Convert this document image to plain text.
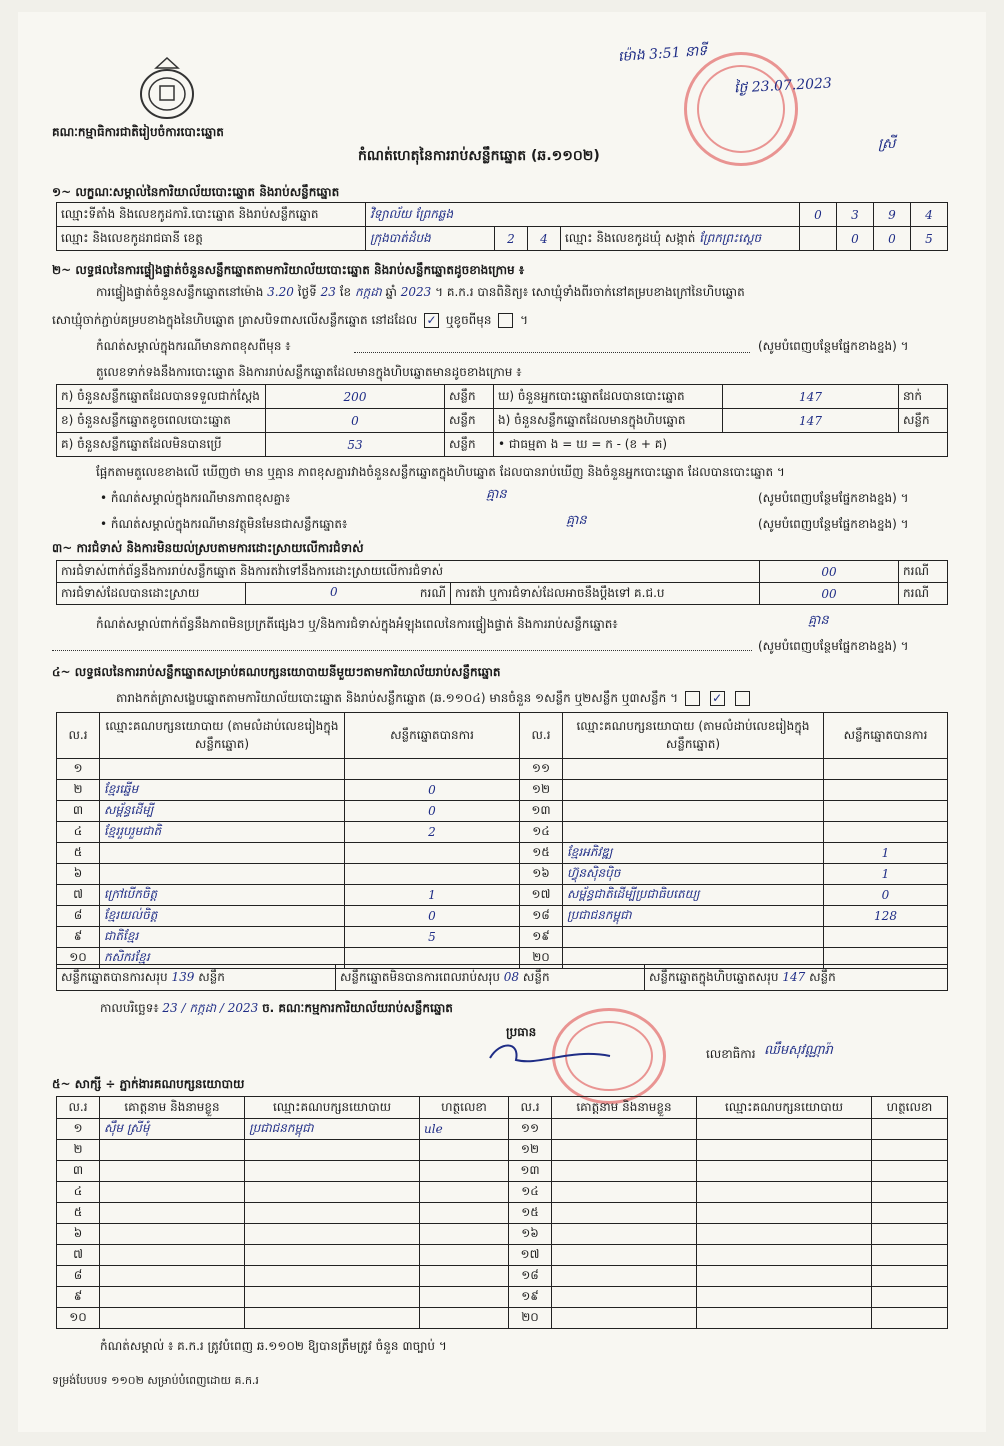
គណៈកម្មាធិការជាតិរៀបចំការបោះឆ្នោត
កំណត់ហេតុនៃការរាប់សន្លឹកឆ្នោត (ឆ.១១០២)
ម៉ោង 3:51 នាទី
ថ្ងៃ 23.07.2023
ស្រី
១~ លក្ខណៈសម្គាល់នៃការិយាល័យបោះឆ្នោត និងរាប់សន្លឹកឆ្នោត
ឈ្មោះទីតាំង និងលេខកូដការិ.បោះឆ្នោត និងរាប់សន្លឹកឆ្នោត	វិទ្យាល័យ ព្រែកឆ្លង				0	3	9	4
ឈ្មោះ និងលេខកូដរាជធានី ខេត្ត	ក្រុងបាត់ដំបង	2	4	ឈ្មោះ និងលេខកូដឃុំ សង្កាត់ ព្រែកព្រះស្ដេច		0	0	5
២~ លទ្ធផលនៃការផ្ទៀងផ្ទាត់ចំនួនសន្លឹកឆ្នោតតាមការិយាល័យបោះឆ្នោត និងរាប់សន្លឹកឆ្នោតដូចខាងក្រោម ៖
ការផ្ទៀងផ្ទាត់ចំនួនសន្លឹកឆ្នោតនៅម៉ោង 3.20 ថ្ងៃទី 23 ខែ កក្កដា ឆ្នាំ 2023 ។ គ.ក.រ បានពិនិត្យ៖ សោឃ្មុំទាំងពីរចាក់នៅគម្របខាងក្រៅនៃហិបឆ្នោត
សោឃ្មុំចាក់ភ្ជាប់គម្របខាងក្នុងនៃហិបឆ្នោត ត្រាសបិទពាសលើសន្លឹកឆ្នោត នៅដដែល ✓ ឬខូចពីមុន  ។
កំណត់សម្គាល់ក្នុងករណីមានភាពខុសពីមុន ៖	(សូមបំពេញបន្ថែមផ្នែកខាងខ្នង) ។
តួលេខទាក់ទងនឹងការបោះឆ្នោត និងការរាប់សន្លឹកឆ្នោតដែលមានក្នុងហិបឆ្នោតមានដូចខាងក្រោម ៖
ក) ចំនួនសន្លឹកឆ្នោតដែលបានទទួលជាក់ស្ដែង	200	សន្លឹក	ឃ) ចំនួនអ្នកបោះឆ្នោតដែលបានបោះឆ្នោត	147	នាក់
ខ) ចំនួនសន្លឹកឆ្នោតខូចពេលបោះឆ្នោត	0	សន្លឹក	ង) ចំនួនសន្លឹកឆ្នោតដែលមានក្នុងហិបឆ្នោត	147	សន្លឹក
គ) ចំនួនសន្លឹកឆ្នោតដែលមិនបានប្រើ	53	សន្លឹក	• ជាធម្មតា ង = ឃ = ក - (ខ + គ)		
ផ្អែកតាមតួលេខខាងលើ ឃើញថា មាន ឬគ្មាន ភាពខុសគ្នារវាងចំនួនសន្លឹកឆ្នោតក្នុងហិបឆ្នោត ដែលបានរាប់ឃើញ និងចំនួនអ្នកបោះឆ្នោត ដែលបានបោះឆ្នោត ។
• កំណត់សម្គាល់ក្នុងករណីមានភាពខុសគ្នា៖	គ្មាន	(សូមបំពេញបន្ថែមផ្នែកខាងខ្នង) ។
• កំណត់សម្គាល់ក្នុងករណីមានវត្ថុមិនមែនជាសន្លឹកឆ្នោត៖	គ្មាន	(សូមបំពេញបន្ថែមផ្នែកខាងខ្នង) ។
៣~ ការជំទាស់ និងការមិនយល់ស្របតាមការដោះស្រាយលើការជំទាស់
ការជំទាស់ពាក់ព័ន្ធនឹងការរាប់សន្លឹកឆ្នោត និងការតវ៉ាទៅនឹងការដោះស្រាយលើការជំទាស់			00	ករណី
ការជំទាស់ដែលបានដោះស្រាយ	0 ករណី	ការតវ៉ា ឬការជំទាស់ដែលអាចនឹងប្ដឹងទៅ គ.ជ.ប	00	ករណី
កំណត់សម្គាល់ពាក់ព័ន្ធនឹងភាពមិនប្រក្រតីផ្សេងៗ ឬ/និងការជំទាស់ក្នុងអំឡុងពេលនៃការផ្ទៀងផ្ទាត់ និងការរាប់សន្លឹកឆ្នោត៖	គ្មាន
(សូមបំពេញបន្ថែមផ្នែកខាងខ្នង) ។
៤~ លទ្ធផលនៃការរាប់សន្លឹកឆ្នោតសម្រាប់គណបក្សនយោបាយនីមួយៗតាមការិយាល័យរាប់សន្លឹកឆ្នោត
តារាងកត់ត្រាសង្ខេបឆ្នោតតាមការិយាល័យបោះឆ្នោត និងរាប់សន្លឹកឆ្នោត (ឆ.១១០៤) មានចំនួន ១សន្លឹក ឬ២សន្លឹក ឬ៣សន្លឹក ។	✓
ល.រ	ឈ្មោះគណបក្សនយោបាយ (តាមលំដាប់លេខរៀងក្នុងសន្លឹកឆ្នោត)	សន្លឹកឆ្នោតបានការ	ល.រ	ឈ្មោះគណបក្សនយោបាយ (តាមលំដាប់លេខរៀងក្នុងសន្លឹកឆ្នោត)	សន្លឹកឆ្នោតបានការ
១			១១		
២	ខ្មែរឆ្នើម	0	១២		
៣	សម្ព័ន្ធដើម្បី	0	១៣		
៤	ខ្មែររួបរួមជាតិ	2	១៤		
៥			១៥	ខ្មែរអភិវឌ្ឍ	1
៦			១៦	ហ៊្វុនស៊ិនប៉ិច	1
៧	ក្រៅបើកចិត្ត	1	១៧	សម្ព័ន្ធជាតិដើម្បីប្រជាធិបតេយ្យ	0
៨	ខ្មែរយល់ចិត្ត	0	១៨	ប្រជាជនកម្ពុជា	128
៩	ជាតិខ្មែរ	5	១៩		
១០	កសិករខ្មែរ		២០		
សន្លឹកឆ្នោតបានការសរុប 139 សន្លឹក	សន្លឹកឆ្នោតមិនបានការពេលរាប់សរុប 08 សន្លឹក	សន្លឹកឆ្នោតក្នុងហិបឆ្នោតសរុប 147 សន្លឹក
កាលបរិច្ឆេទ៖ 23 / កក្កដា / 2023 ច. គណៈកម្មការការិយាល័យរាប់សន្លឹកឆ្នោត
ប្រធាន
លេខាធិការ ឈឹមសុវណ្ណារ៉ា
៥~ សាក្សី ÷ ភ្នាក់ងារគណបក្សនយោបាយ
ល.រ	គោត្តនាម និងនាមខ្លួន	ឈ្មោះគណបក្សនយោបាយ	ហត្ថលេខា	ល.រ	គោត្តនាម និងនាមខ្លួន	ឈ្មោះគណបក្សនយោបាយ	ហត្ថលេខា
១	ស៊ឹម ស្រីមុំ	ប្រជាជនកម្ពុជា	ule	១១			
២				១២			
៣				១៣			
៤				១៤			
៥				១៥			
៦				១៦			
៧				១៧			
៨				១៨			
៩				១៩			
១០				២០			
កំណត់សម្គាល់ ៖ គ.ក.រ ត្រូវបំពេញ ឆ.១១០២ ឱ្យបានត្រឹមត្រូវ ចំនួន ៣ច្បាប់ ។
ទម្រង់បែបបទ ១១០២ សម្រាប់បំពេញដោយ គ.ក.រ
